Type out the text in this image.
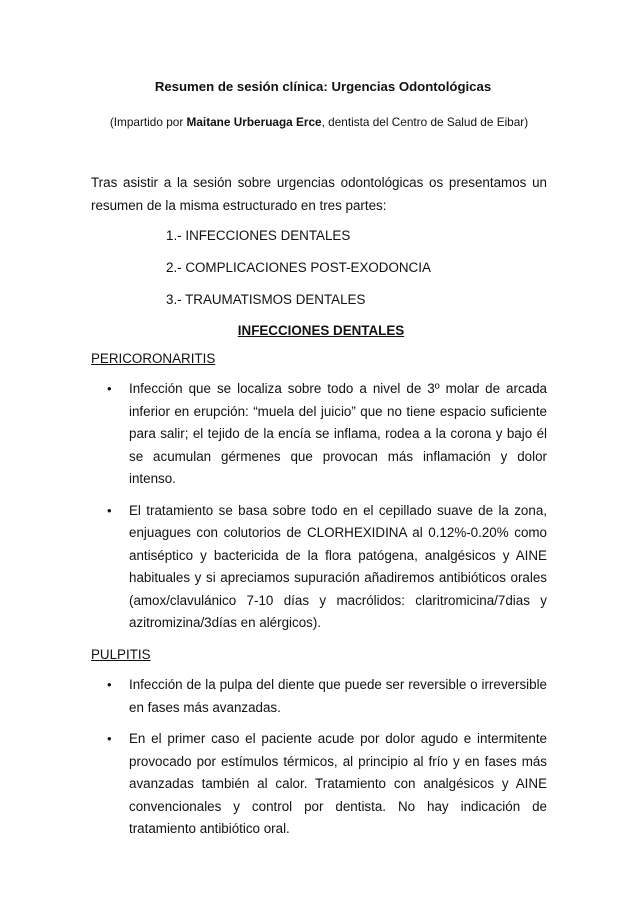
Resumen de sesión clínica: Urgencias Odontológicas

(Impartido por Maitane Urberuaga Erce, dentista del Centro de Salud de Eibar)

Tras asistir a la sesión sobre urgencias odontológicas os presentamos un resumen de la misma estructurado en tres partes:

1.- INFECCIONES DENTALES
2.- COMPLICACIONES POST-EXODONCIA
3.- TRAUMATISMOS DENTALES

INFECCIONES DENTALES

PERICORONARITIS

• Infección que se localiza sobre todo a nivel de 3º molar de arcada inferior en erupción: “muela del juicio” que no tiene espacio suficiente para salir; el tejido de la encía se inflama, rodea a la corona y bajo él se acumulan gérmenes que provocan más inflamación y dolor intenso.
• El tratamiento se basa sobre todo en el cepillado suave de la zona, enjuagues con colutorios de CLORHEXIDINA al 0.12%-0.20% como antiséptico y bactericida de la flora patógena, analgésicos y AINE habituales y si apreciamos supuración añadiremos antibióticos orales (amox/clavulánico 7-10 días y macrólidos: claritromicina/7dias y azitromizina/3días en alérgicos).

PULPITIS

• Infección de la pulpa del diente que puede ser reversible o irreversible en fases más avanzadas.
• En el primer caso el paciente acude por dolor agudo e intermitente provocado por estímulos térmicos, al principio al frío y en fases más avanzadas también al calor. Tratamiento con analgésicos y AINE convencionales y control por dentista. No hay indicación de tratamiento antibiótico oral.
